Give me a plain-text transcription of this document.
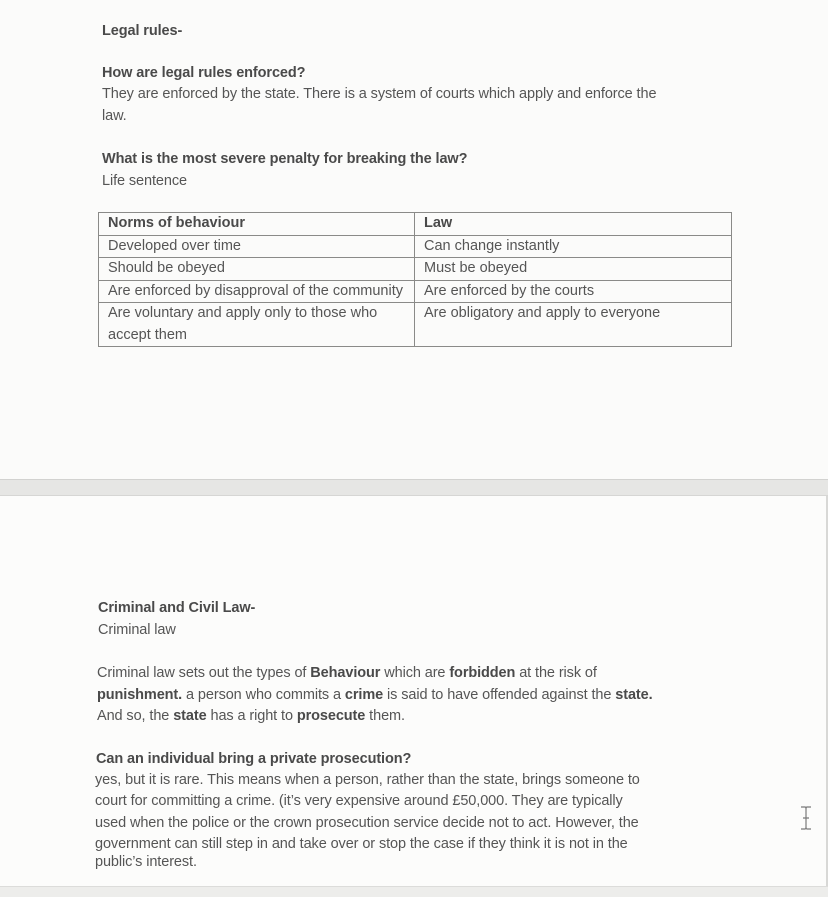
Legal rules-
How are legal rules enforced?
They are enforced by the state. There is a system of courts which apply and enforce the
law.
What is the most severe penalty for breaking the law?
Life sentence
Norms of behaviour	Law
Developed over time	Can change instantly
Should be obeyed	Must be obeyed
Are enforced by disapproval of the community	Are enforced by the courts
Are voluntary and apply only to those who accept them	Are obligatory and apply to everyone
Criminal and Civil Law-
Criminal law
Criminal law sets out the types of Behaviour which are forbidden at the risk of
punishment. a person who commits a crime is said to have offended against the state.
And so, the state has a right to prosecute them.
Can an individual bring a private prosecution?
yes, but it is rare. This means when a person, rather than the state, brings someone to
court for committing a crime. (it’s very expensive around £50,000. They are typically
used when the police or the crown prosecution service decide not to act. However, the
government can still step in and take over or stop the case if they think it is not in the
public’s interest.
